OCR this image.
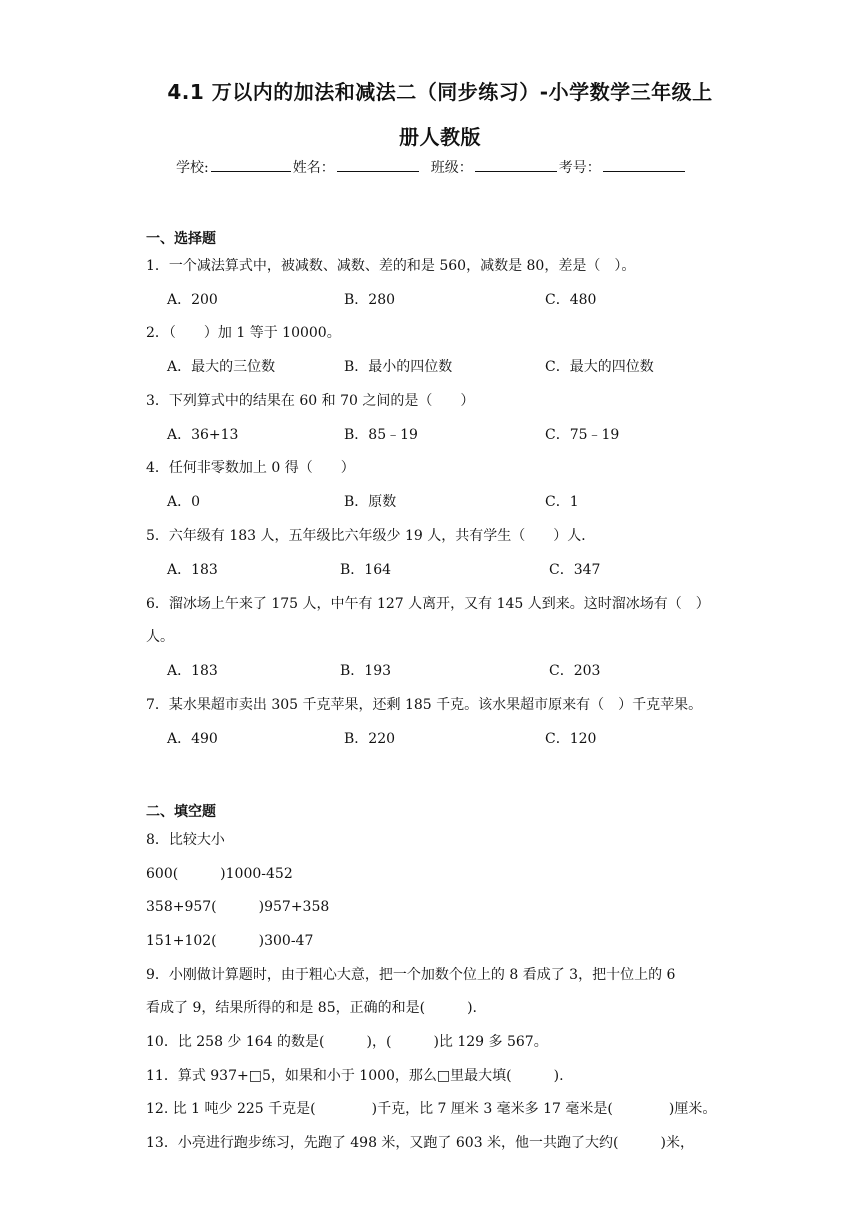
4.1 万以内的加法和减法二（同步练习）-小学数学三年级上
册人教版
学校:	姓名：	班级：	考号：
一、选择题
1．一个减法算式中，被减数、减数、差的和是 560，减数是 80，差是（　）。
A．200	B．280	C．480
2．（　　）加 1 等于 10000。
A．最大的三位数	B．最小的四位数	C．最大的四位数
3．下列算式中的结果在 60 和 70 之间的是（　　）
A．36+13	B．85﹣19	C．75﹣19
4．任何非零数加上 0 得（　　）
A．0	B．原数	C．1
5．六年级有 183 人，五年级比六年级少 19 人，共有学生（　　）人．
A．183	B．164	C．347
6．溜冰场上午来了 175 人，中午有 127 人离开，又有 145 人到来。这时溜冰场有（　）
人。
A．183	B．193	C．203
7．某水果超市卖出 305 千克苹果，还剩 185 千克。该水果超市原来有（　）千克苹果。
A．490	B．220	C．120
二、填空题
8．比较大小
600(　　　)1000-452
358+957(　　　)957+358
151+102(　　　)300-47
9．小刚做计算题时，由于粗心大意，把一个加数个位上的 8 看成了 3，把十位上的 6
看成了 9，结果所得的和是 85，正确的和是(　　　).
10．比 258 少 164 的数是(　　　)，(　　　)比 129 多 567。
11．算式 937+□5，如果和小于 1000，那么□里最大填(　　　).
12. 比 1 吨少 225 千克是(　　　　)千克，比 7 厘米 3 毫米多 17 毫米是(　　　　)厘米。
13．小亮进行跑步练习，先跑了 498 米，又跑了 603 米，他一共跑了大约(　　　)米，
